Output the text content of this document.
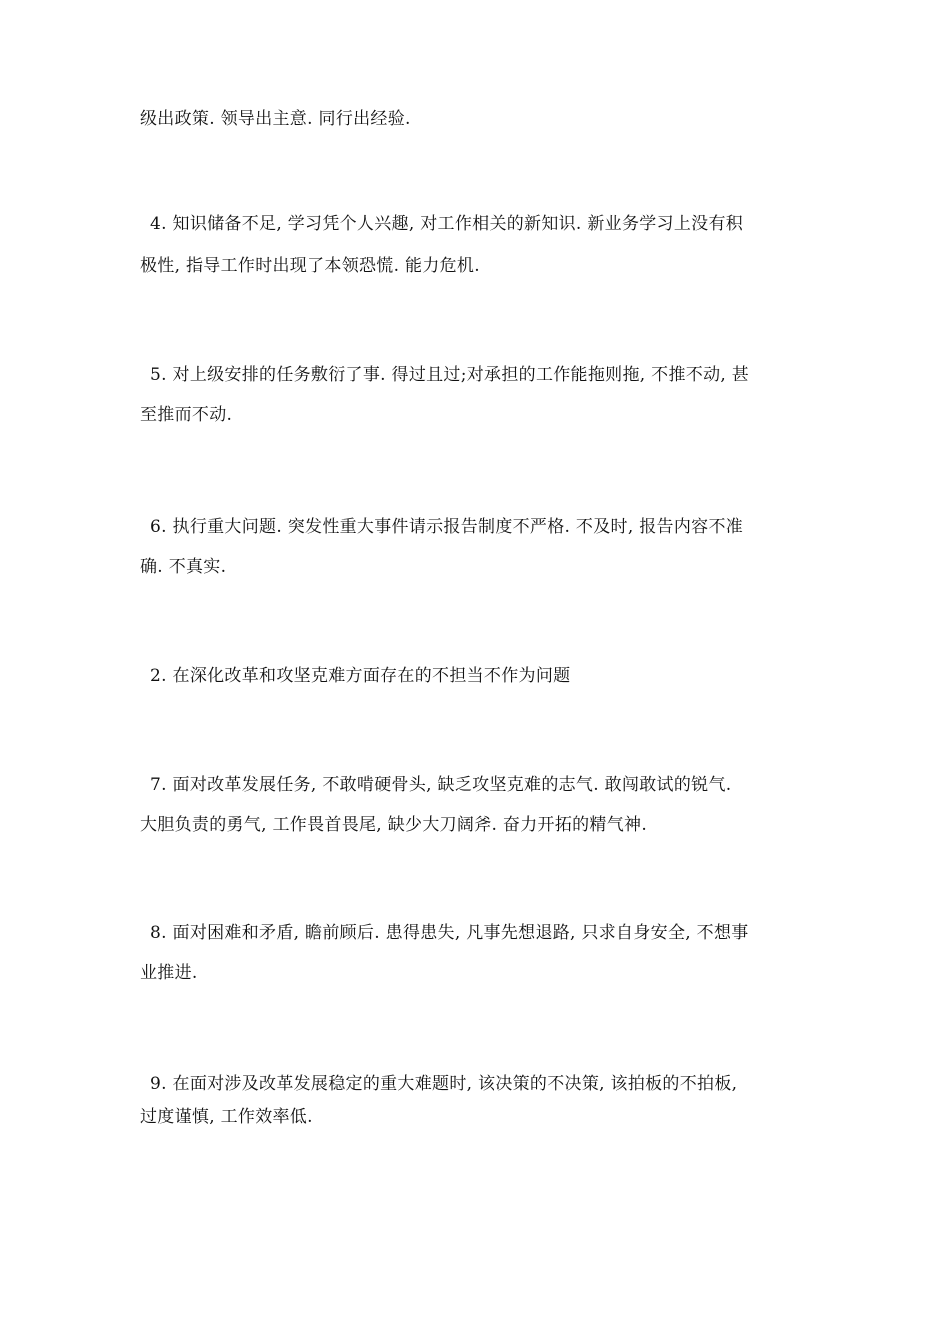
级出政策. 领导出主意. 同行出经验.
4. 知识储备不足, 学习凭个人兴趣, 对工作相关的新知识. 新业务学习上没有积
极性, 指导工作时出现了本领恐慌. 能力危机.
5. 对上级安排的任务敷衍了事. 得过且过;对承担的工作能拖则拖, 不推不动, 甚
至推而不动.
6. 执行重大问题. 突发性重大事件请示报告制度不严格. 不及时, 报告内容不准
确. 不真实.
2. 在深化改革和攻坚克难方面存在的不担当不作为问题
7. 面对改革发展任务, 不敢啃硬骨头, 缺乏攻坚克难的志气. 敢闯敢试的锐气.
大胆负责的勇气, 工作畏首畏尾, 缺少大刀阔斧. 奋力开拓的精气神.
8. 面对困难和矛盾, 瞻前顾后. 患得患失, 凡事先想退路, 只求自身安全, 不想事
业推进.
9. 在面对涉及改革发展稳定的重大难题时, 该决策的不决策, 该拍板的不拍板,
过度谨慎, 工作效率低.
